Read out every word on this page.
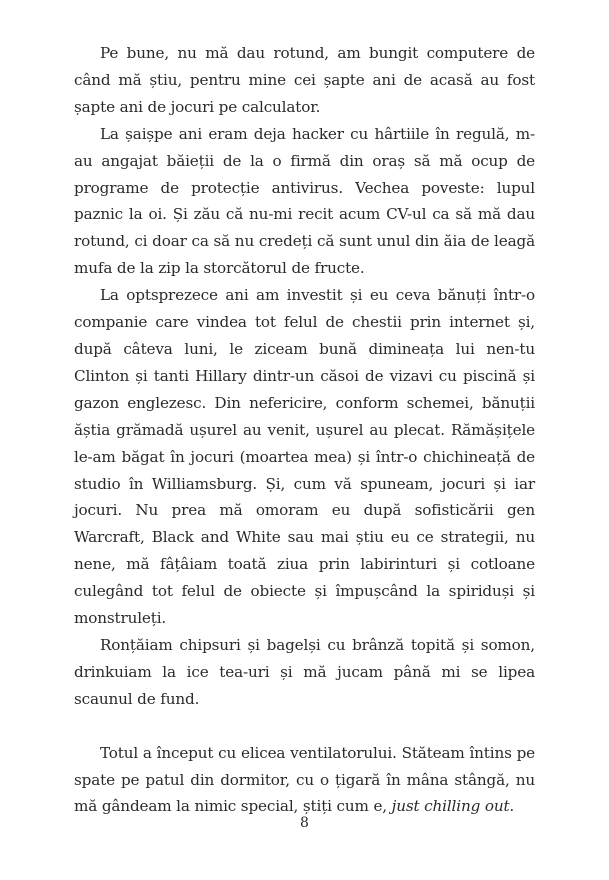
Pe bune, nu mă dau rotund, am bungit computere de când mă știu, pentru mine cei șapte ani de acasă au fost șapte ani de jocuri pe calculator.

La șaișpe ani eram deja hacker cu hârtiile în regulă, m-au angajat băieții de la o firmă din oraș să mă ocup de programe de protecție antivirus. Vechea poveste: lupul paznic la oi. Și zău că nu-mi recit acum CV-ul ca să mă dau rotund, ci doar ca să nu credeți că sunt unul din ăia de leagă mufa de la zip la storcătorul de fructe.

La optsprezece ani am investit și eu ceva bănuți într-o companie care vindea tot felul de chestii prin internet și, după câteva luni, le ziceam bună dimineața lui nen-tu Clinton și tanti Hillary dintr-un căsoi de vizavi cu piscină și gazon englezesc. Din nefericire, conform schemei, bănuții ăștia grămadă ușurel au venit, ușurel au plecat. Rămășițele le-am băgat în jocuri (moartea mea) și într-o chichineață de studio în Williamsburg. Și, cum vă spuneam, jocuri și iar jocuri. Nu prea mă omoram eu după sofisticării gen Warcraft, Black and White sau mai știu eu ce strategii, nu nene, mă fâțâiam toată ziua prin labirinturi și cotloane culegând tot felul de obiecte și împușcând la spiriduși și monstruleți.

Ronțăiam chipsuri și bagelși cu brânză topită și somon, drinkuiam la ice tea-uri și mă jucam până mi se lipea scaunul de fund.

Totul a început cu elicea ventilatorului. Stăteam întins pe spate pe patul din dormitor, cu o țigară în mâna stângă, nu mă gândeam la nimic special, știți cum e, just chilling out.

8
